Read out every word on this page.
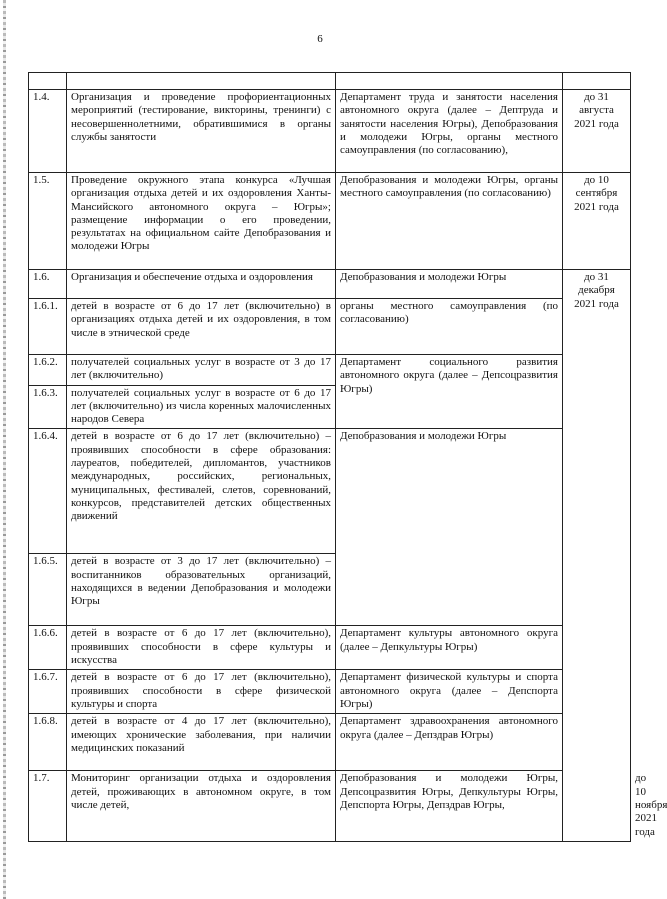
6

1.4.	Организация и проведение профориентационных мероприятий (тестирование, викторины, тренинги) с несовершеннолетними, обратившимися в органы службы занятости	Департамент труда и занятости населения автономного округа (далее – Дептруда и занятости населения Югры), Депобразования и молодежи Югры, органы местного самоуправления (по согласованию),	до 31 августа 2021 года	
1.5.	Проведение окружного этапа конкурса «Лучшая организация отдыха детей и их оздоровления Ханты-Мансийского автономного округа – Югры»; размещение информации о его проведении, результатах на официальном сайте Депобразования и молодежи Югры	Депобразования и молодежи Югры, органы местного самоуправления (по согласованию)	до 10 сентября 2021 года	
1.6.	Организация и обеспечение отдыха и оздоровления	Депобразования и молодежи Югры	до 31 декабря 2021 года	
1.6.1.	детей в возрасте от 6 до 17 лет (включительно) в организациях отдыха детей и их оздоровления, в том числе в этнической среде	органы местного самоуправления (по согласованию)		
1.6.2.	получателей социальных услуг в возрасте от 3 до 17 лет (включительно)	Департамент социального развития автономного округа (далее – Депсоцразвития Югры)		
1.6.3.	получателей социальных услуг в возрасте от 6 до 17 лет (включительно) из числа коренных малочисленных народов Севера			
1.6.4.	детей в возрасте от 6 до 17 лет (включительно) – проявивших способности в сфере образования: лауреатов, победителей, дипломантов, участников международных, российских, региональных, муниципальных, фестивалей, слетов, соревнований, конкурсов, представителей детских общественных движений	Депобразования и молодежи Югры		
1.6.5.	детей в возрасте от 3 до 17 лет (включительно) – воспитанников образовательных организаций, находящихся в ведении Депобразования и молодежи Югры			
1.6.6.	детей в возрасте от 6 до 17 лет (включительно), проявивших способности в сфере культуры и искусства	Департамент культуры автономного округа (далее – Депкультуры Югры)		
1.6.7.	детей в возрасте от 6 до 17 лет (включительно), проявивших способности в сфере физической культуры и спорта	Департамент физической культуры и спорта автономного округа (далее – Депспорта Югры)		
1.6.8.	детей в возрасте от 4 до 17 лет (включительно), имеющих хронические заболевания, при наличии медицинских показаний	Департамент здравоохранения автономного округа (далее – Депздрав Югры)		
1.7.	Мониторинг организации отдыха и оздоровления детей, проживающих в автономном округе, в том числе детей,	Депобразования и молодежи Югры, Депсоцразвития Югры, Депкультуры Югры, Депспорта Югры, Депздрав Югры,		до 10 ноября 2021 года
